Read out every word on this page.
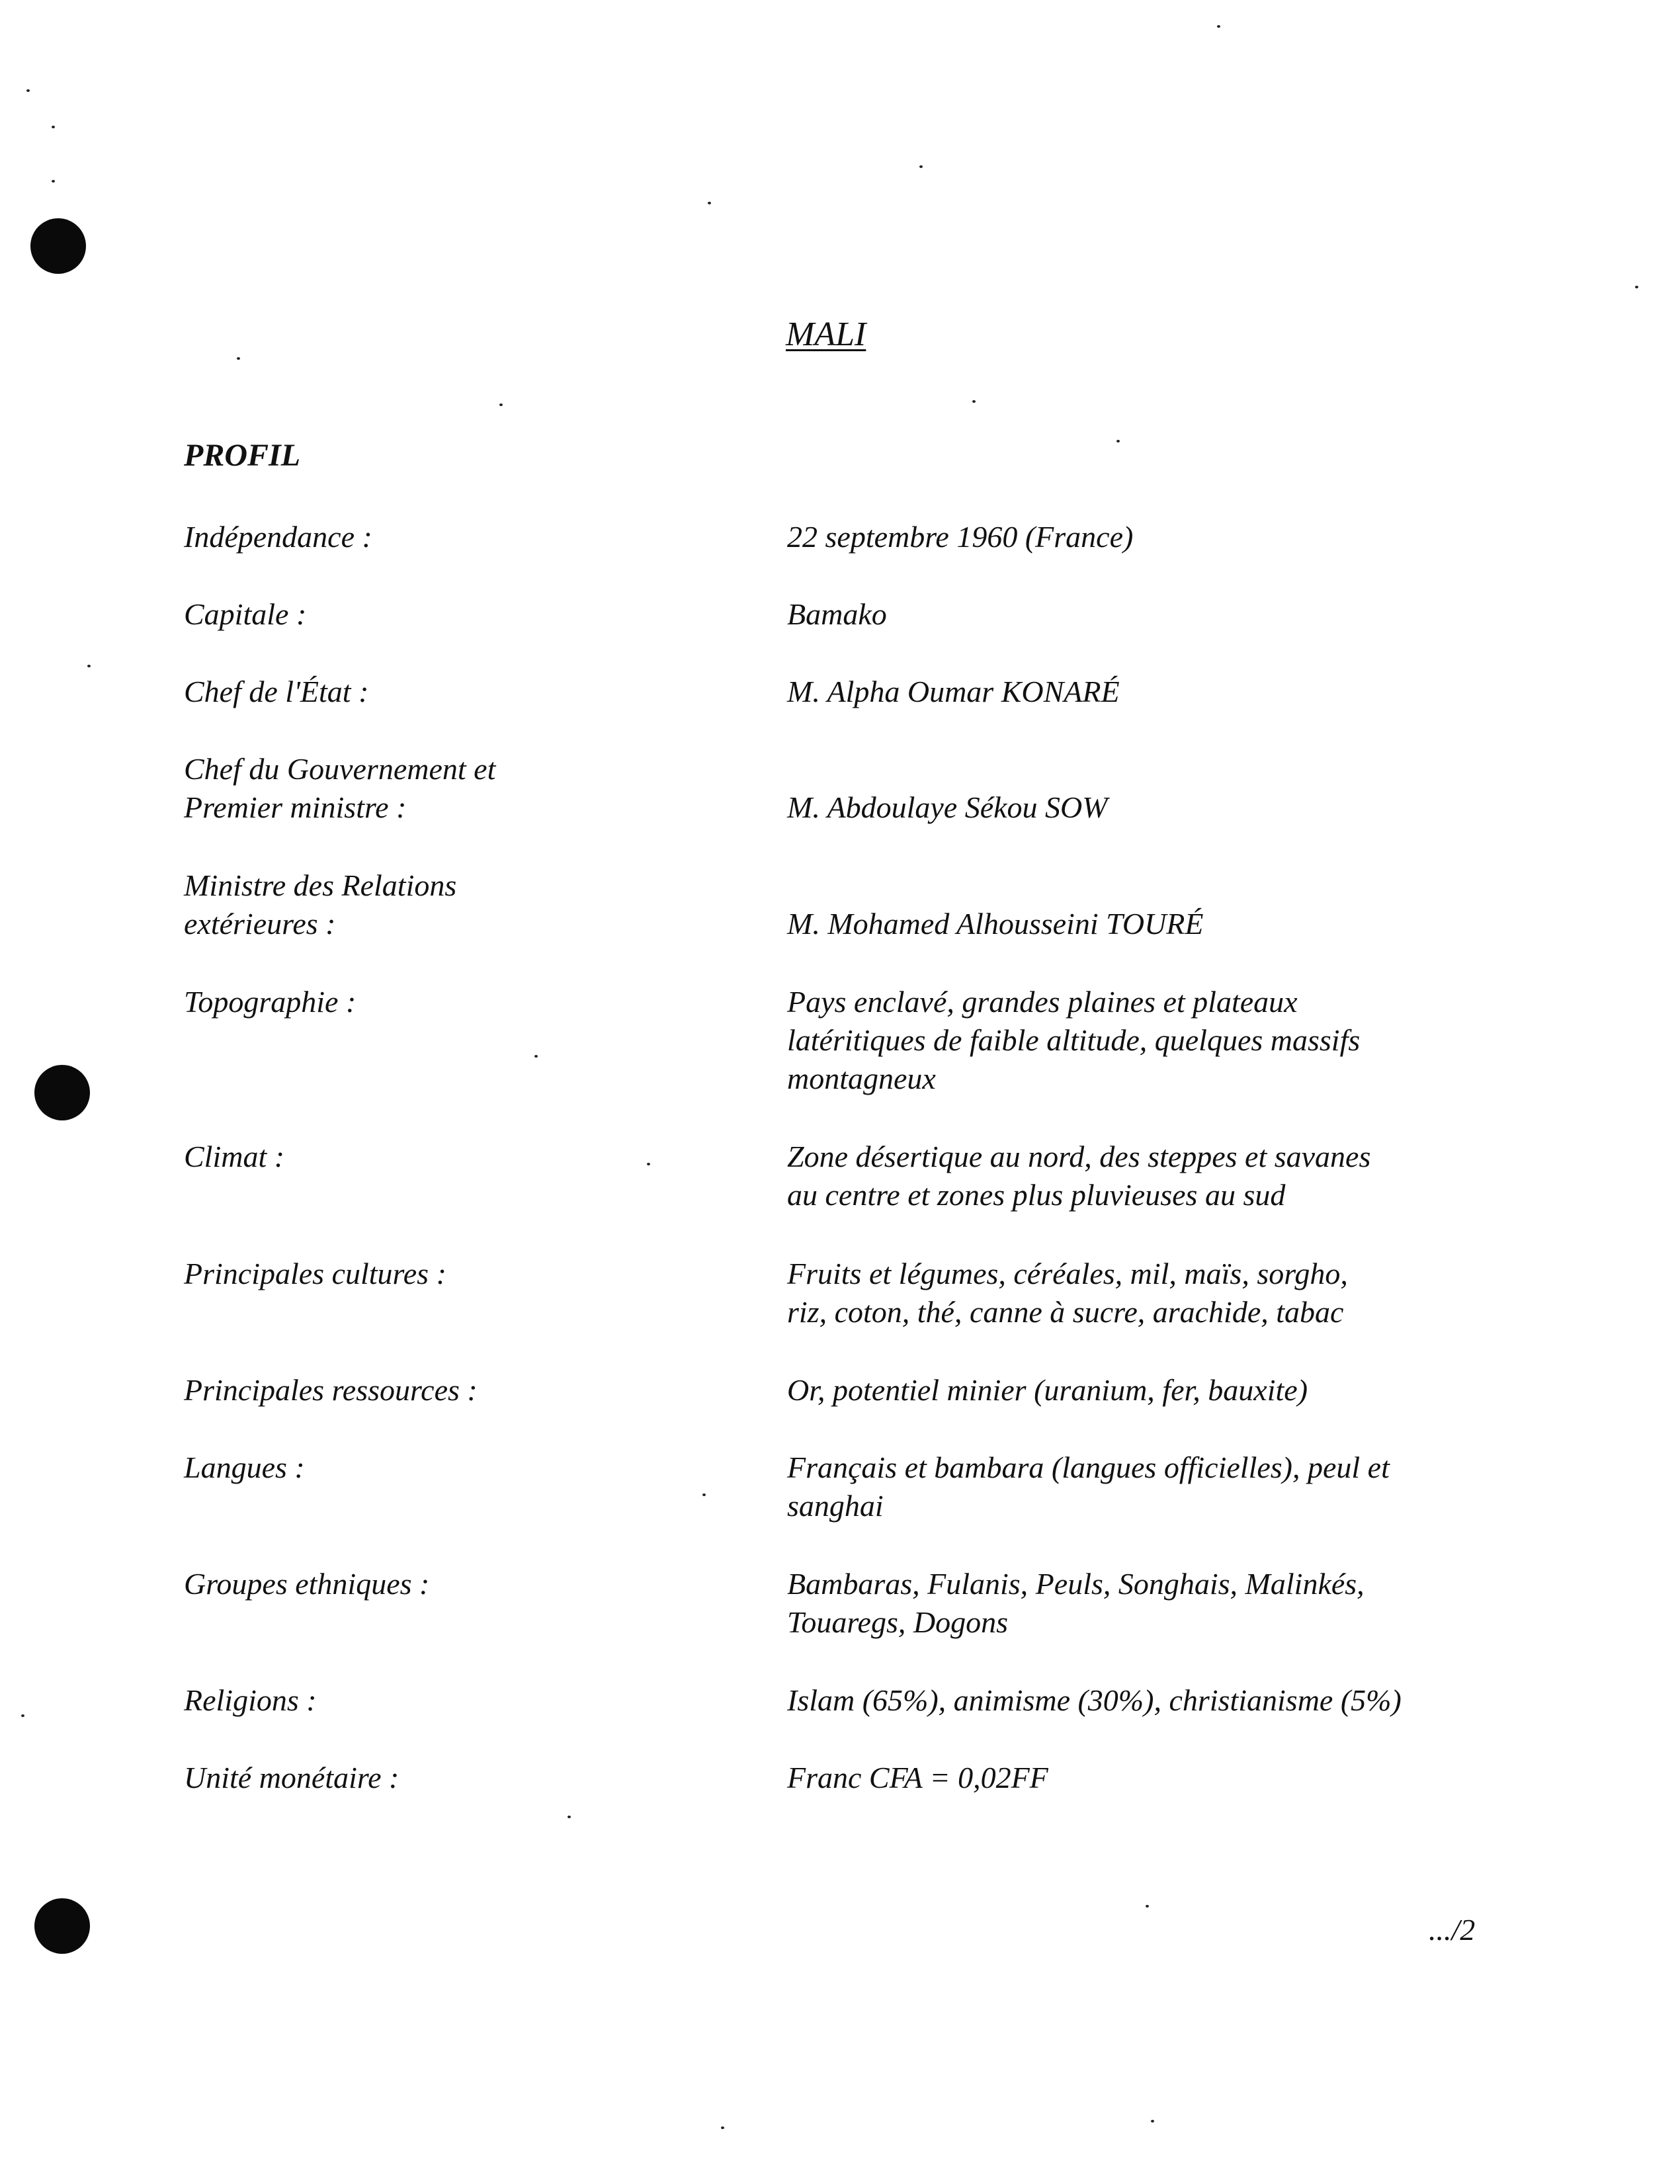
MALI
PROFIL
Indépendance :	22 septembre 1960 (France)
Capitale :	Bamako
Chef de l'État :	M. Alpha Oumar KONARÉ
Chef du Gouvernement et
Premier ministre :	M. Abdoulaye Sékou SOW
Ministre des Relations
extérieures :	M. Mohamed Alhousseini TOURÉ
Topographie :	Pays enclavé, grandes plaines et plateaux
latéritiques de faible altitude, quelques massifs
montagneux
Climat :	Zone désertique au nord, des steppes et savanes
au centre et zones plus pluvieuses au sud
Principales cultures :	Fruits et légumes, céréales, mil, maïs, sorgho,
riz, coton, thé, canne à sucre, arachide, tabac
Principales ressources :	Or, potentiel minier (uranium, fer, bauxite)
Langues :	Français et bambara (langues officielles), peul et
sanghai
Groupes ethniques :	Bambaras, Fulanis, Peuls, Songhais, Malinkés,
Touaregs, Dogons
Religions :	Islam (65%), animisme (30%), christianisme (5%)
Unité monétaire :	Franc CFA = 0,02FF
.../2
